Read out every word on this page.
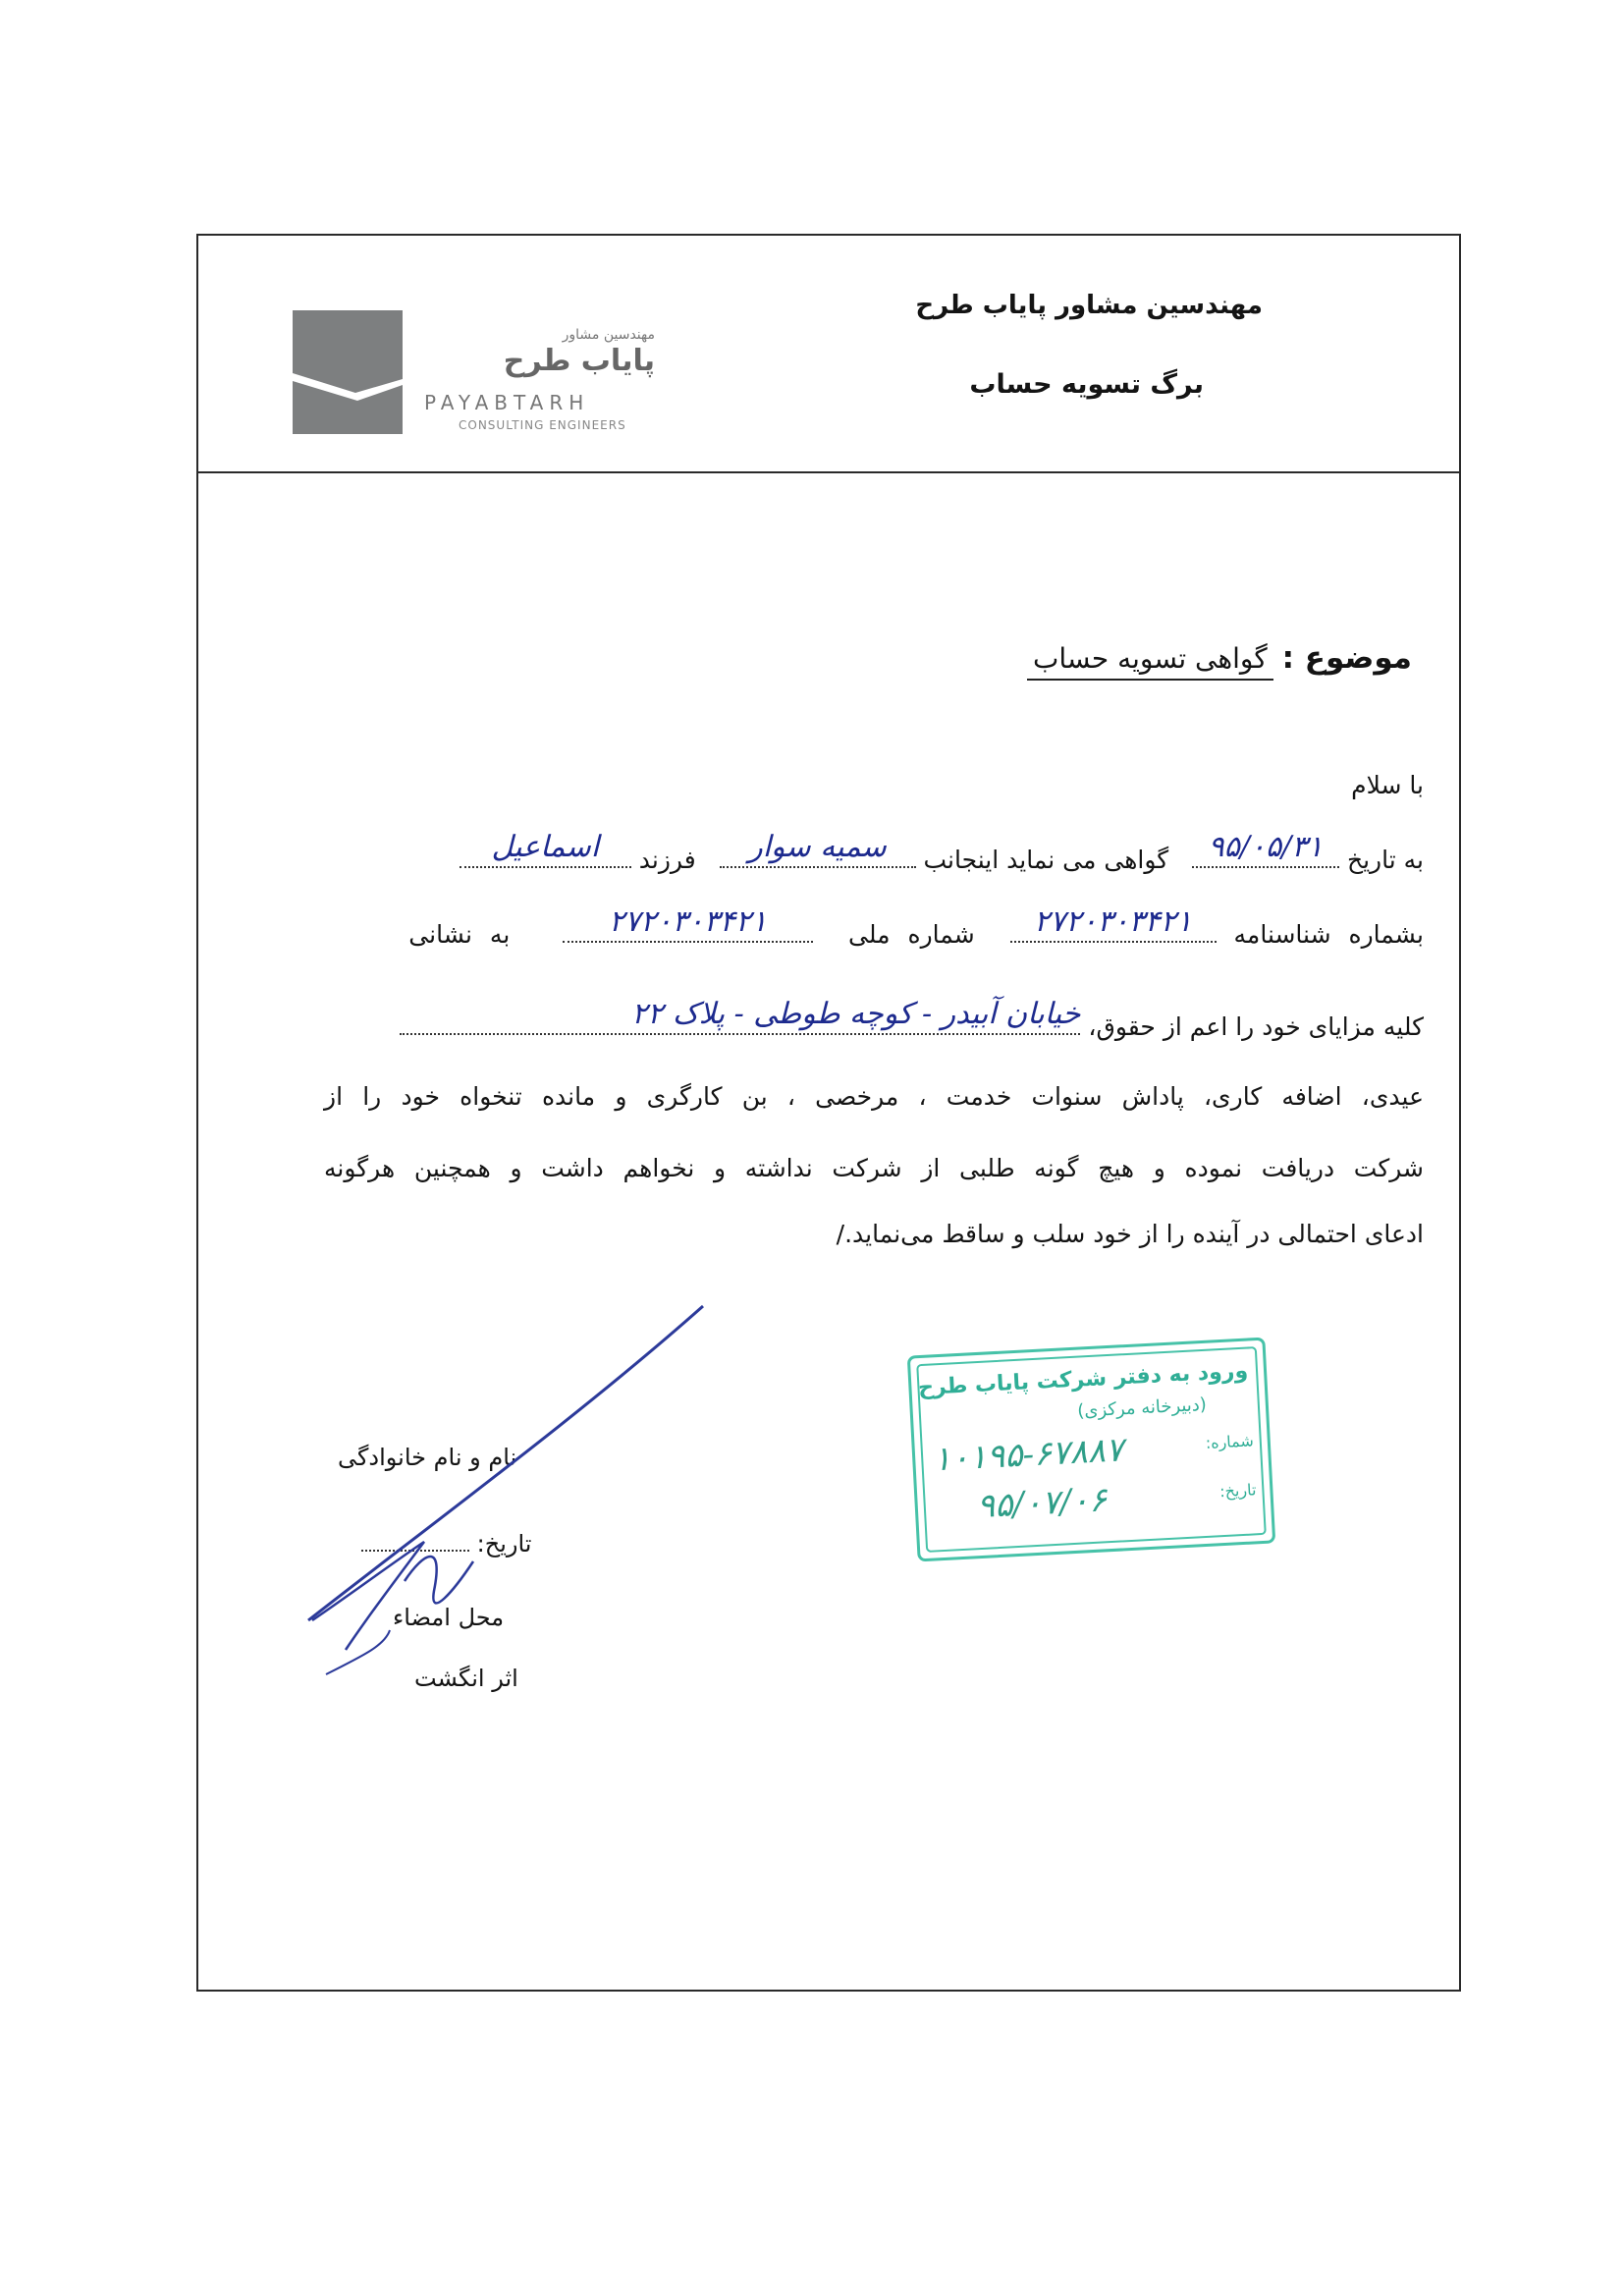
مهندسین مشاور
پایاب طرح
PAYABTARH
CONSULTING ENGINEERS
مهندسین مشاور پایاب طرح
برگ تسویه حساب
موضوع : گواهی تسویه حساب
با سلام
به تاریخ
۹۵/۰۵/۳۱
گواهی می نماید اینجانب
سمیه سوار
فرزند
اسماعیل
بشماره شناسنامه
۲۷۲۰۳۰۳۴۲۱
شماره ملی
۲۷۲۰۳۰۳۴۲۱
به نشانی
کلیه مزایای خود را اعم از حقوق،
خیابان آبیدر - کوچه طوطی - پلاک ۲۲
عیدی، اضافه کاری، پاداش سنوات خدمت ، مرخصی ، بن کارگری و مانده تنخواه خود را از
شرکت دریافت نموده و هیچ گونه طلبی از شرکت نداشته و نخواهم داشت و همچنین هرگونه
ادعای احتمالی در آینده را از خود سلب و ساقط می‌نماید./
نام و نام خانوادگی
تاریخ:
محل امضاء
اثر انگشت
ورود به دفتر شرکت پایاب طرح
(دبیرخانه مرکزی)
شماره:
۱۰۱۹۵-۶۷۸۸۷
تاریخ:
۹۵/۰۷/۰۶
